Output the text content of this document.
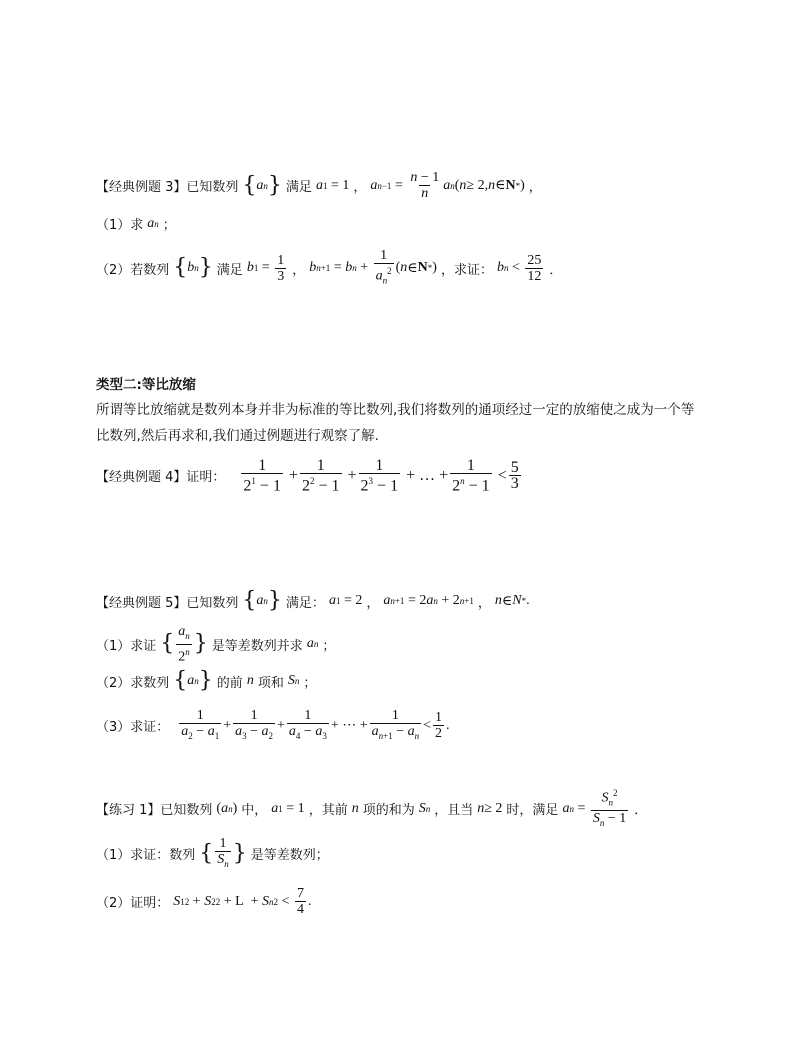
【经典例题 3】 已知数列 { a n } 满足 a 1 = 1 ， a $n-1 = \frac{n - 1}{n}$ a n ( n ≥ 2, n ∈ N * ) ，
（1） 求 a n ；
（2） 若数列 { b n } 满足 b $1 = \frac{1}{3}$ ， b n+1 = b $n + \frac{1}{a_n^2}$ ( n ∈ N * ) ，求证： b $n < \frac{25}{12}$ ．
类型二:等比放缩
所谓等比放缩就是数列本身并非为标准的等比数列,我们将数列的通项经过一定的放缩使之成为一个等比数列,然后再求和,我们通过例题进行观察了解.
【经典例题 4】 证明： $\frac{1}{2^1 - 1} + \frac{1}{2^2 - 1} + \frac{1}{2^3 - 1}$ + … + $\frac{1}{2^n - 1} < \frac{5}{3}$
【经典例题 5】 已知数列 { a n } 满足： a 1 = 2 ， a n+1 = 2 a n + 2 n+1 ， n ∈ N * .
（1） 求证 { $\frac{a_n}{2^n}$ } 是等差数列并求 a n ；
（2） 求数列 { a n } 的前 n 项和 S n ；
（3） 求证： $\frac{1}{a_2 - a_1} + \frac{1}{a_3 - a_2} + \frac{1}{a_4 - a_3}$ + ⋯ + $\frac{1}{a_{n+1} - a_n} < \frac{1}{2}$ .
【练习 1】 已知数列 ( a n ) 中， a 1 = 1 ，其前 n 项的和为 S n ，且当 n ≥ 2 时，满足 a $n = \frac{S_n^2}{S_n - 1}$ ．
（1） 求证：数列 { $\frac{1}{S_n}$ } 是等差数列；
（2） 证明： S 1 2 + S 2 2 + L  + S n $2 < \frac{7}{4}$ .
